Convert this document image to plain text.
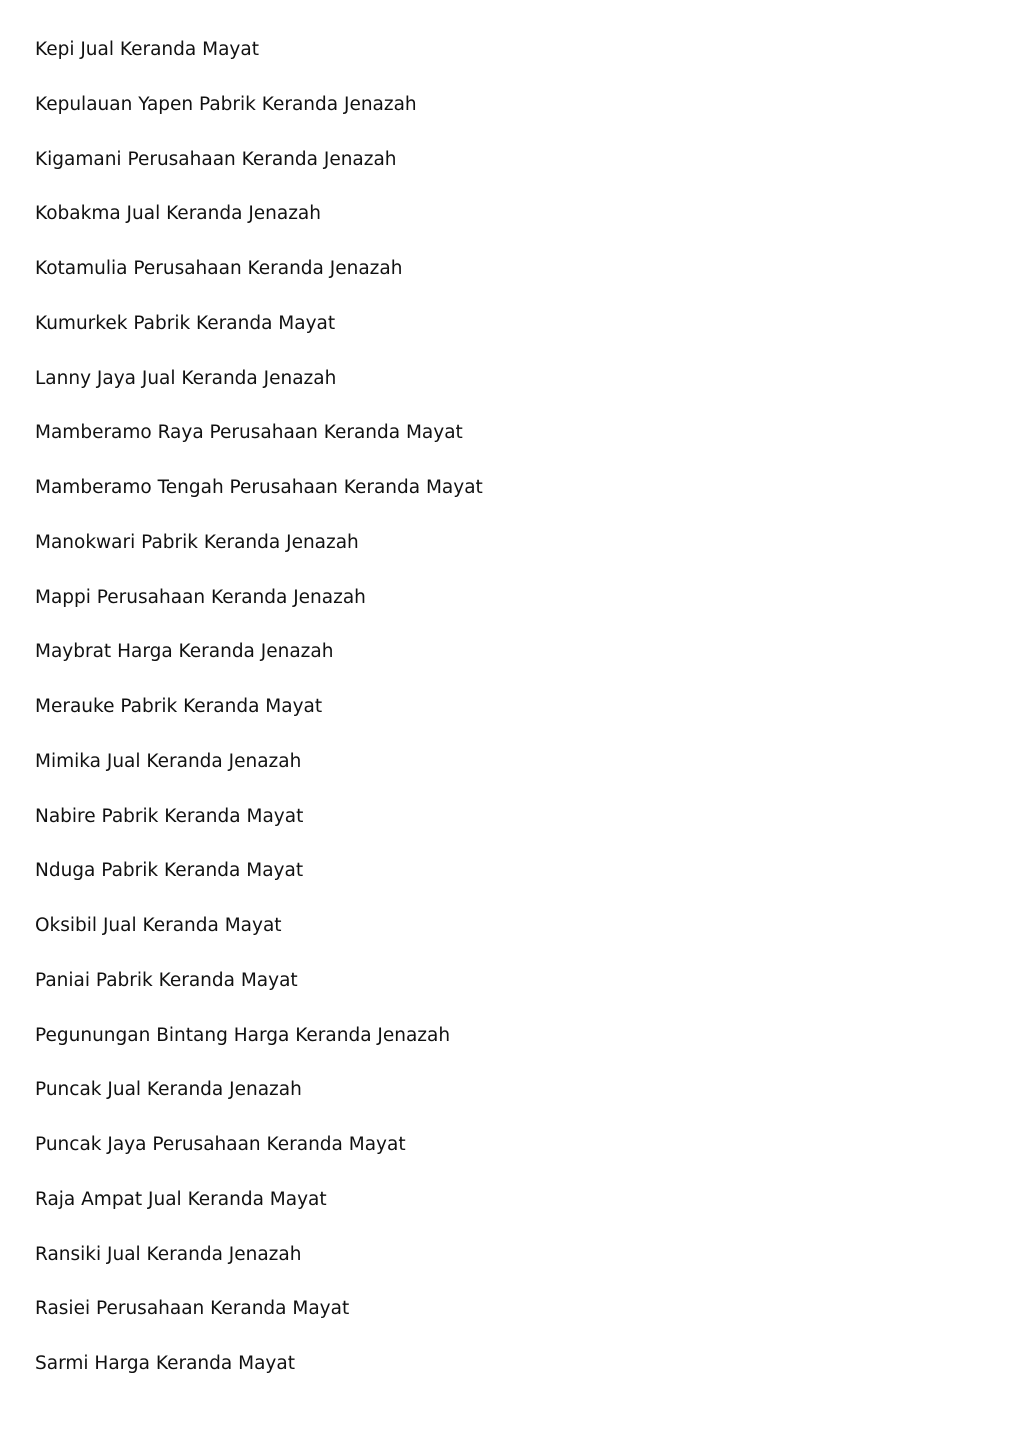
Kepi Jual Keranda Mayat
Kepulauan Yapen Pabrik Keranda Jenazah
Kigamani Perusahaan Keranda Jenazah
Kobakma Jual Keranda Jenazah
Kotamulia Perusahaan Keranda Jenazah
Kumurkek Pabrik Keranda Mayat
Lanny Jaya Jual Keranda Jenazah
Mamberamo Raya Perusahaan Keranda Mayat
Mamberamo Tengah Perusahaan Keranda Mayat
Manokwari Pabrik Keranda Jenazah
Mappi Perusahaan Keranda Jenazah
Maybrat Harga Keranda Jenazah
Merauke Pabrik Keranda Mayat
Mimika Jual Keranda Jenazah
Nabire Pabrik Keranda Mayat
Nduga Pabrik Keranda Mayat
Oksibil Jual Keranda Mayat
Paniai Pabrik Keranda Mayat
Pegunungan Bintang Harga Keranda Jenazah
Puncak Jual Keranda Jenazah
Puncak Jaya Perusahaan Keranda Mayat
Raja Ampat Jual Keranda Mayat
Ransiki Jual Keranda Jenazah
Rasiei Perusahaan Keranda Mayat
Sarmi Harga Keranda Mayat
